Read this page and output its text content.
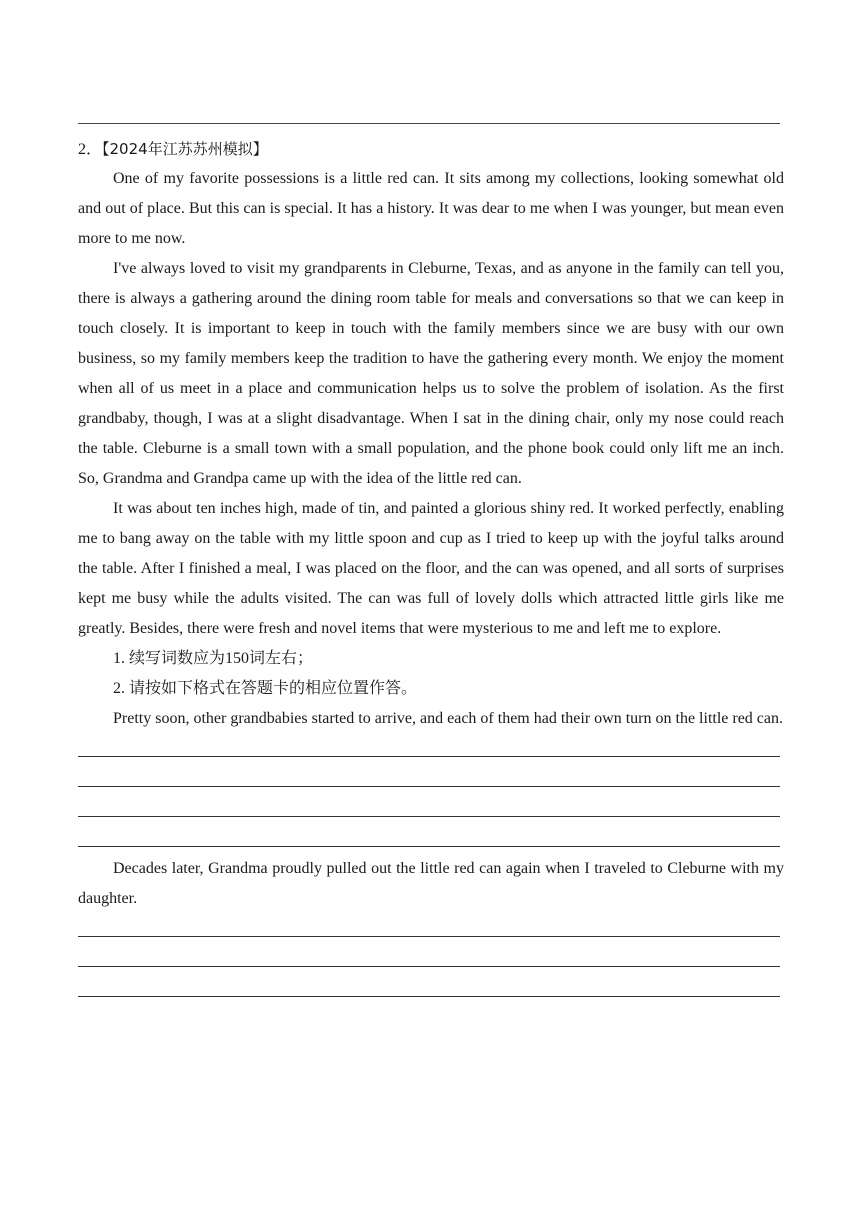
2．【2024年江苏苏州模拟】

One of my favorite possessions is a little red can. It sits among my collections, looking somewhat old and out of place. But this can is special. It has a history. It was dear to me when I was younger, but mean even more to me now.

I've always loved to visit my grandparents in Cleburne, Texas, and as anyone in the family can tell you, there is always a gathering around the dining room table for meals and conversations so that we can keep in touch closely. It is important to keep in touch with the family members since we are busy with our own business, so my family members keep the tradition to have the gathering every month. We enjoy the moment when all of us meet in a place and communication helps us to solve the problem of isolation. As the first grandbaby, though, I was at a slight disadvantage. When I sat in the dining chair, only my nose could reach the table. Cleburne is a small town with a small population, and the phone book could only lift me an inch. So, Grandma and Grandpa came up with the idea of the little red can.

It was about ten inches high, made of tin, and painted a glorious shiny red. It worked perfectly, enabling me to bang away on the table with my little spoon and cup as I tried to keep up with the joyful talks around the table. After I finished a meal, I was placed on the floor, and the can was opened, and all sorts of surprises kept me busy while the adults visited. The can was full of lovely dolls which attracted little girls like me greatly. Besides, there were fresh and novel items that were mysterious to me and left me to explore.

1. 续写词数应为150词左右；

2. 请按如下格式在答题卡的相应位置作答。

Pretty soon, other grandbabies started to arrive, and each of them had their own turn on the little red can.

Decades later, Grandma proudly pulled out the little red can again when I traveled to Cleburne with my daughter.
